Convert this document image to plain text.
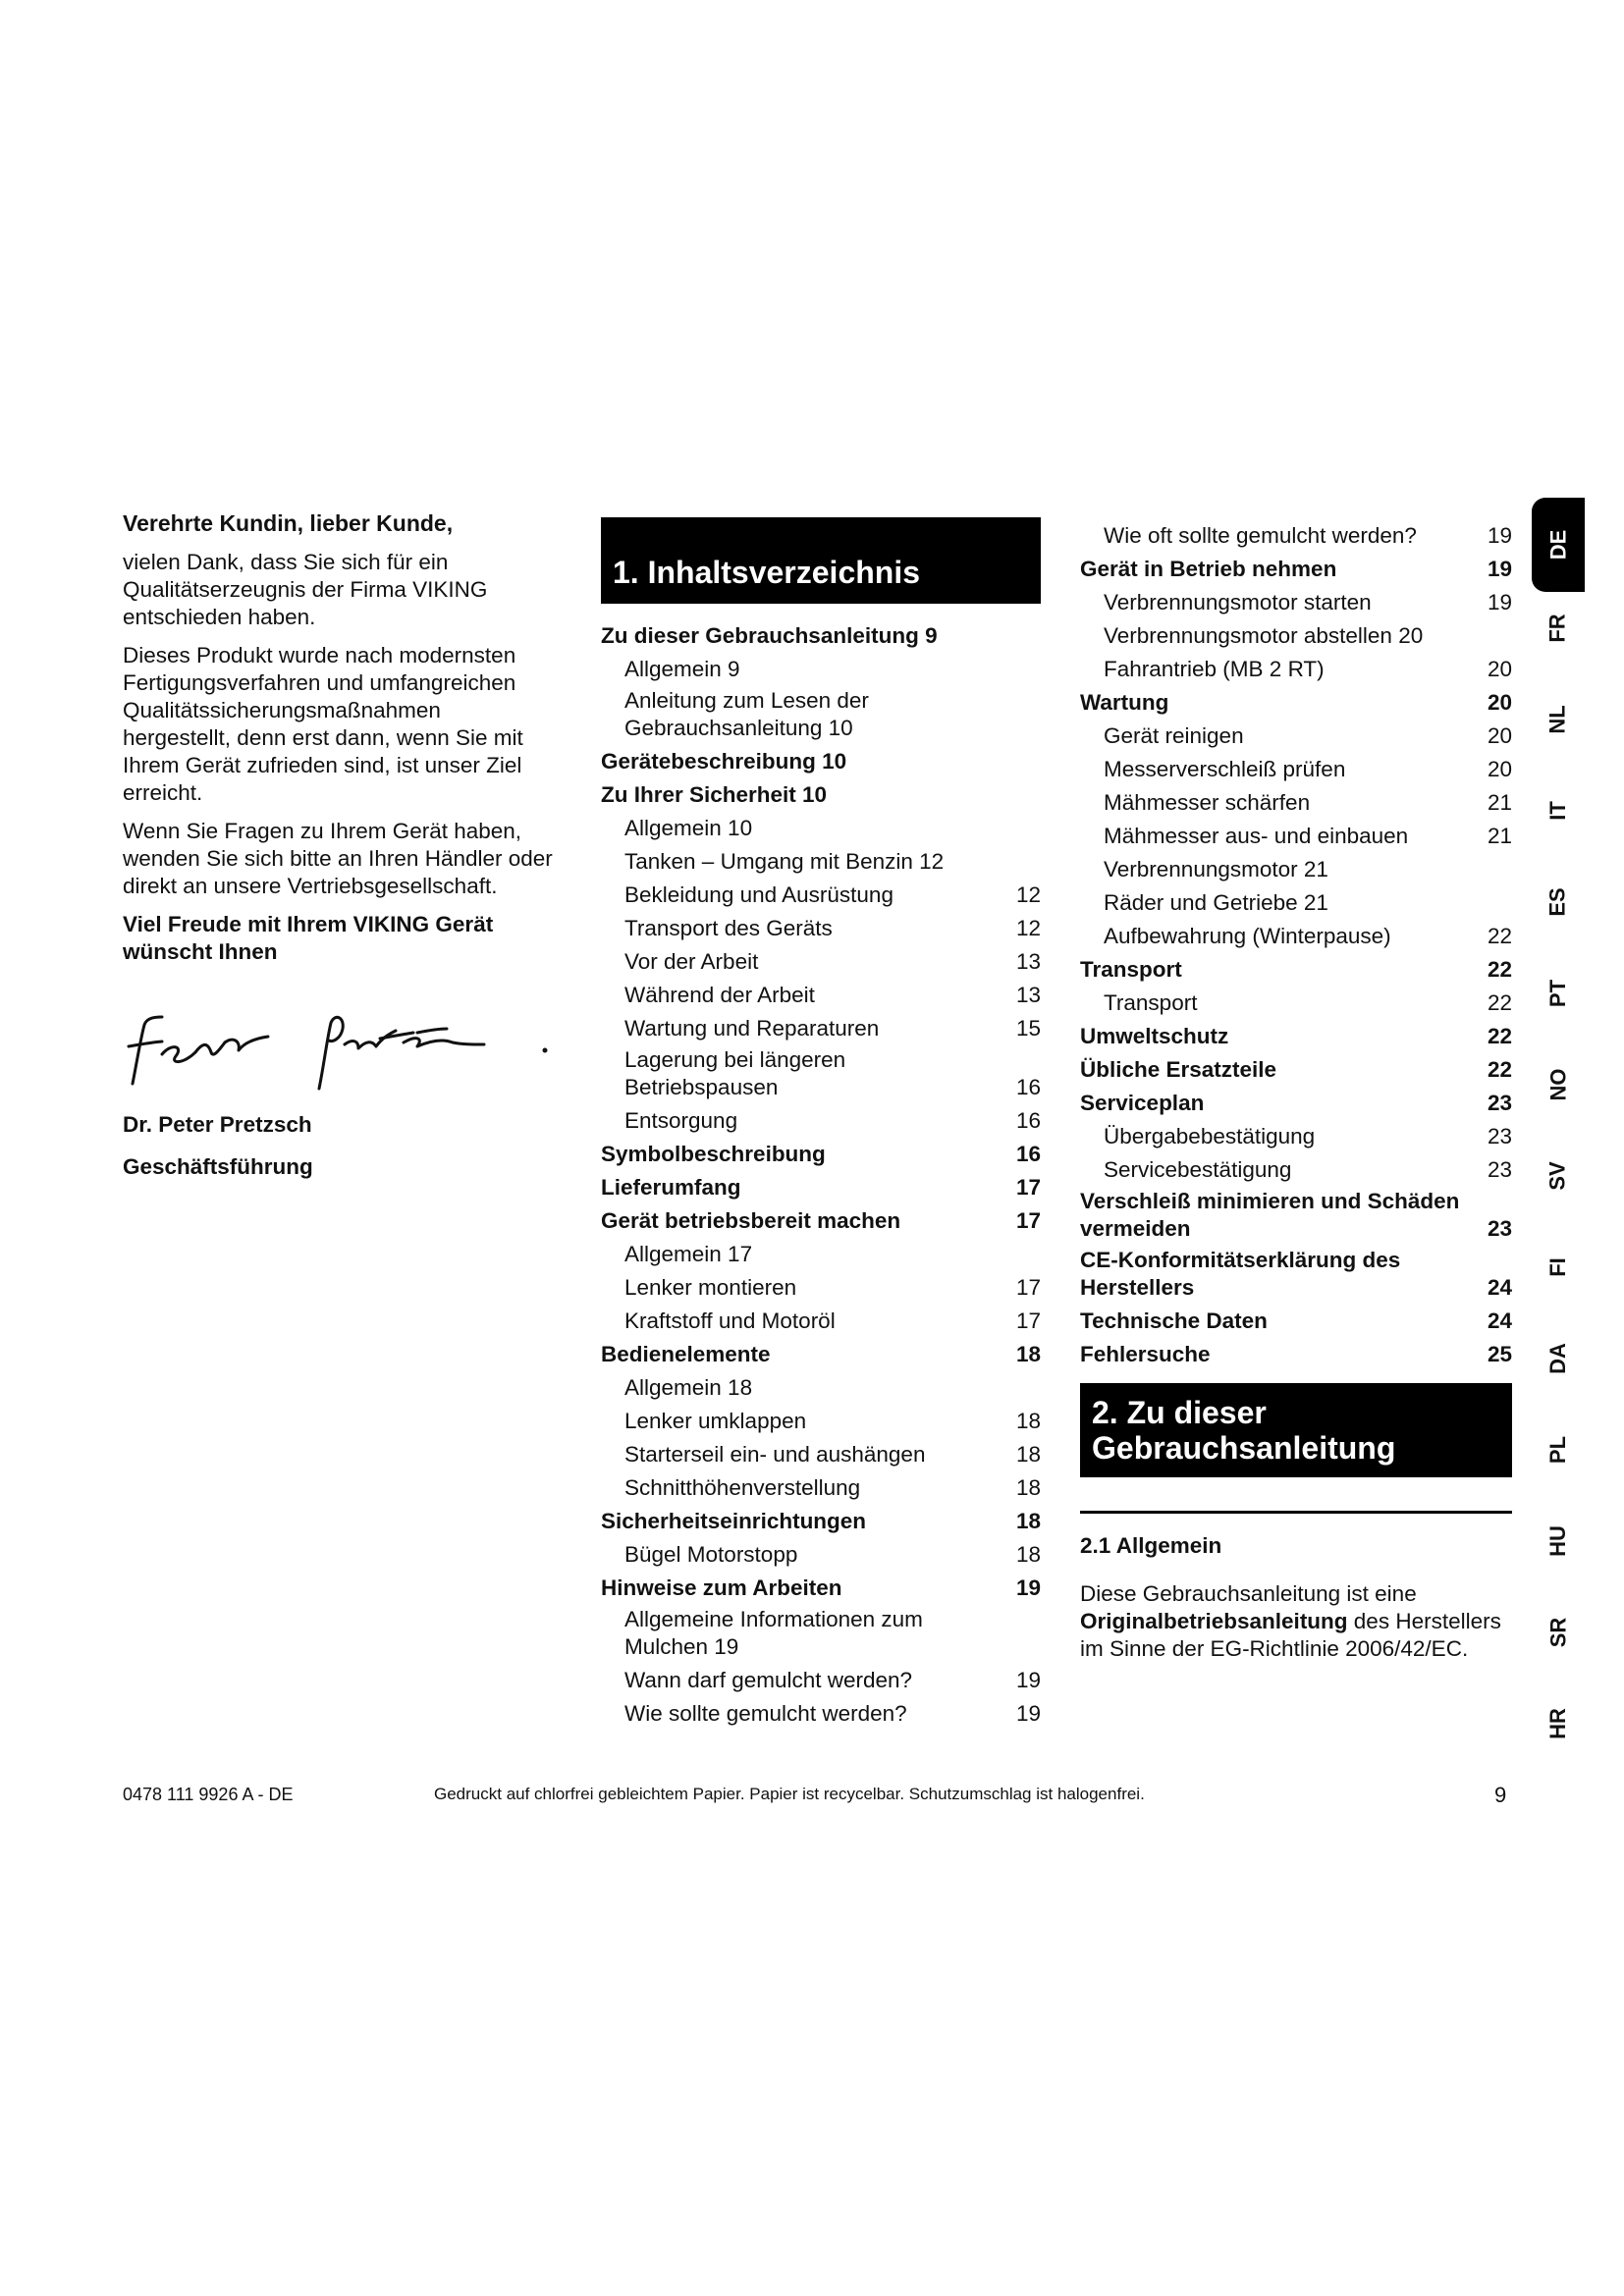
Verehrte Kundin, lieber Kunde,

vielen Dank, dass Sie sich für ein Qualitätserzeugnis der Firma VIKING entschieden haben.

Dieses Produkt wurde nach modernsten Fertigungsverfahren und umfangreichen Qualitätssicherungsmaßnahmen hergestellt, denn erst dann, wenn Sie mit Ihrem Gerät zufrieden sind, ist unser Ziel erreicht.

Wenn Sie Fragen zu Ihrem Gerät haben, wenden Sie sich bitte an Ihren Händler oder direkt an unsere Vertriebsgesellschaft.

Viel Freude mit Ihrem VIKING Gerät wünscht Ihnen

Dr. Peter Pretzsch

Geschäftsführung

1. Inhaltsverzeichnis
Zu dieser Gebrauchsanleitung 9
Allgemein 9
Anleitung zum Lesen der Gebrauchsanleitung 10
Gerätebeschreibung 10
Zu Ihrer Sicherheit 10
Allgemein 10
Tanken – Umgang mit Benzin 12
Bekleidung und Ausrüstung	12
Transport des Geräts	12
Vor der Arbeit	13
Während der Arbeit	13
Wartung und Reparaturen	15
Lagerung bei längeren Betriebspausen	16
Entsorgung	16
Symbolbeschreibung	16
Lieferumfang	17
Gerät betriebsbereit machen	17
Allgemein 17
Lenker montieren	17
Kraftstoff und Motoröl	17
Bedienelemente	18
Allgemein 18
Lenker umklappen	18
Starterseil ein- und aushängen	18
Schnitthöhenverstellung	18
Sicherheitseinrichtungen	18
Bügel Motorstopp	18
Hinweise zum Arbeiten	19
Allgemeine Informationen zum Mulchen 19
Wann darf gemulcht werden?	19
Wie sollte gemulcht werden?	19
Wie oft sollte gemulcht werden?	19
Gerät in Betrieb nehmen	19
Verbrennungsmotor starten	19
Verbrennungsmotor abstellen 20
Fahrantrieb (MB 2 RT)	20
Wartung	20
Gerät reinigen	20
Messerverschleiß prüfen	20
Mähmesser schärfen	21
Mähmesser aus- und einbauen	21
Verbrennungsmotor 21
Räder und Getriebe 21
Aufbewahrung (Winterpause)	22
Transport	22
Transport	22
Umweltschutz	22
Übliche Ersatzteile	22
Serviceplan	23
Übergabebestätigung	23
Servicebestätigung	23
Verschleiß minimieren und Schäden vermeiden	23
CE-Konformitätserklärung des Herstellers	24
Technische Daten	24
Fehlersuche	25
2. Zu dieser Gebrauchsanleitung

2.1 Allgemein

Diese Gebrauchsanleitung ist eine Originalbetriebsanleitung des Herstellers im Sinne der EG-Richtlinie 2006/42/EC.

DE
FR
NL
IT
ES
PT
NO
SV
FI
DA
PL
HU
SR
HR
0478 111 9926 A - DE	Gedruckt auf chlorfrei gebleichtem Papier. Papier ist recycelbar. Schutzumschlag ist halogenfrei.	9
